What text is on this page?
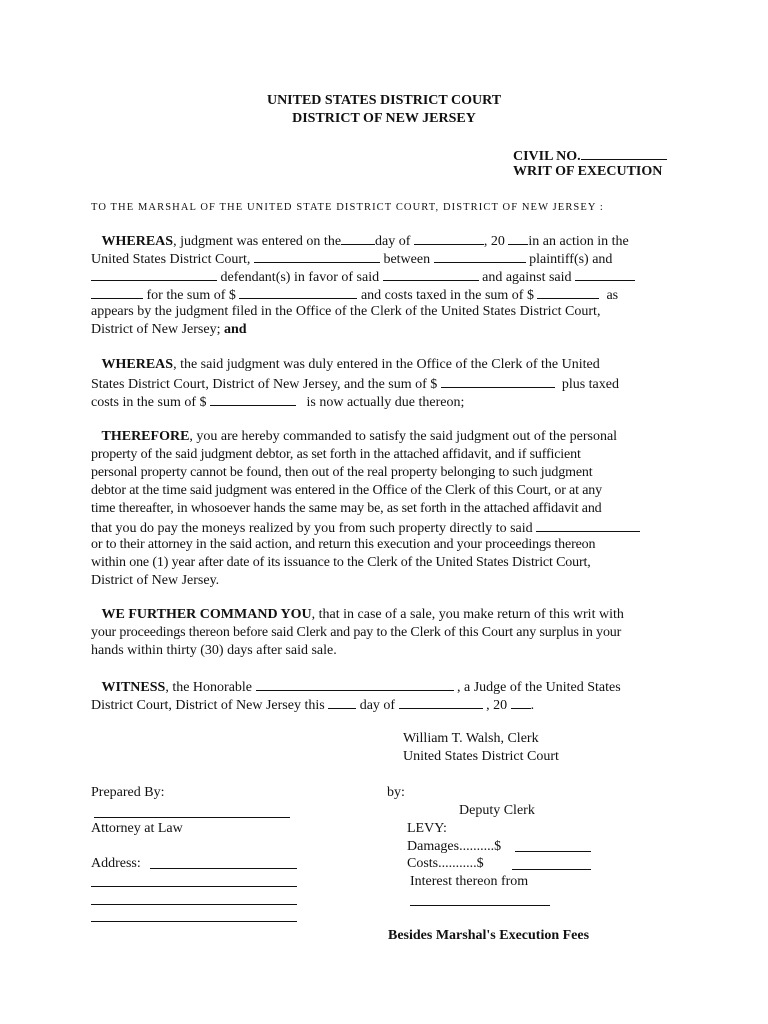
UNITED STATES DISTRICT COURT
DISTRICT OF NEW JERSEY
CIVIL NO.
WRIT OF EXECUTION
TO THE MARSHAL OF THE UNITED STATE DISTRICT COURT, DISTRICT OF NEW JERSEY :
WHEREAS, judgment was entered on the day of	, 20 in an action in the
United States District Court,	between	plaintiff(s) and
defendant(s) in favor of said	and against said
for the sum of $	and costs taxed in the sum of $	as
appears by the judgment filed in the Office of the Clerk of the United States District Court,
District of New Jersey; and
WHEREAS, the said judgment was duly entered in the Office of the Clerk of the United
States District Court, District of New Jersey, and the sum of $	plus taxed
costs in the sum of $	is now actually due thereon;
THEREFORE, you are hereby commanded to satisfy the said judgment out of the personal
property of the said judgment debtor, as set forth in the attached affidavit, and if sufficient
personal property cannot be found, then out of the real property belonging to such judgment
debtor at the time said judgment was entered in the Office of the Clerk of this Court, or at any
time thereafter, in whosoever hands the same may be, as set forth in the attached affidavit and
that you do pay the moneys realized by you from such property directly to said
or to their attorney in the said action, and return this execution and your proceedings thereon
within one (1) year after date of its issuance to the Clerk of the United States District Court,
District of New Jersey.
WE FURTHER COMMAND YOU, that in case of a sale, you make return of this writ with
your proceedings thereon before said Clerk and pay to the Clerk of this Court any surplus in your
hands within thirty (30) days after said sale.
WITNESS, the Honorable	, a Judge of the United States
District Court, District of New Jersey this	day of	, 20 .
William T. Walsh, Clerk
United States District Court
Prepared By:
Attorney at Law
Address:
by:
Deputy Clerk
LEVY:
Damages..........$
Costs...........$
Interest thereon from
Besides Marshal's Execution Fees
